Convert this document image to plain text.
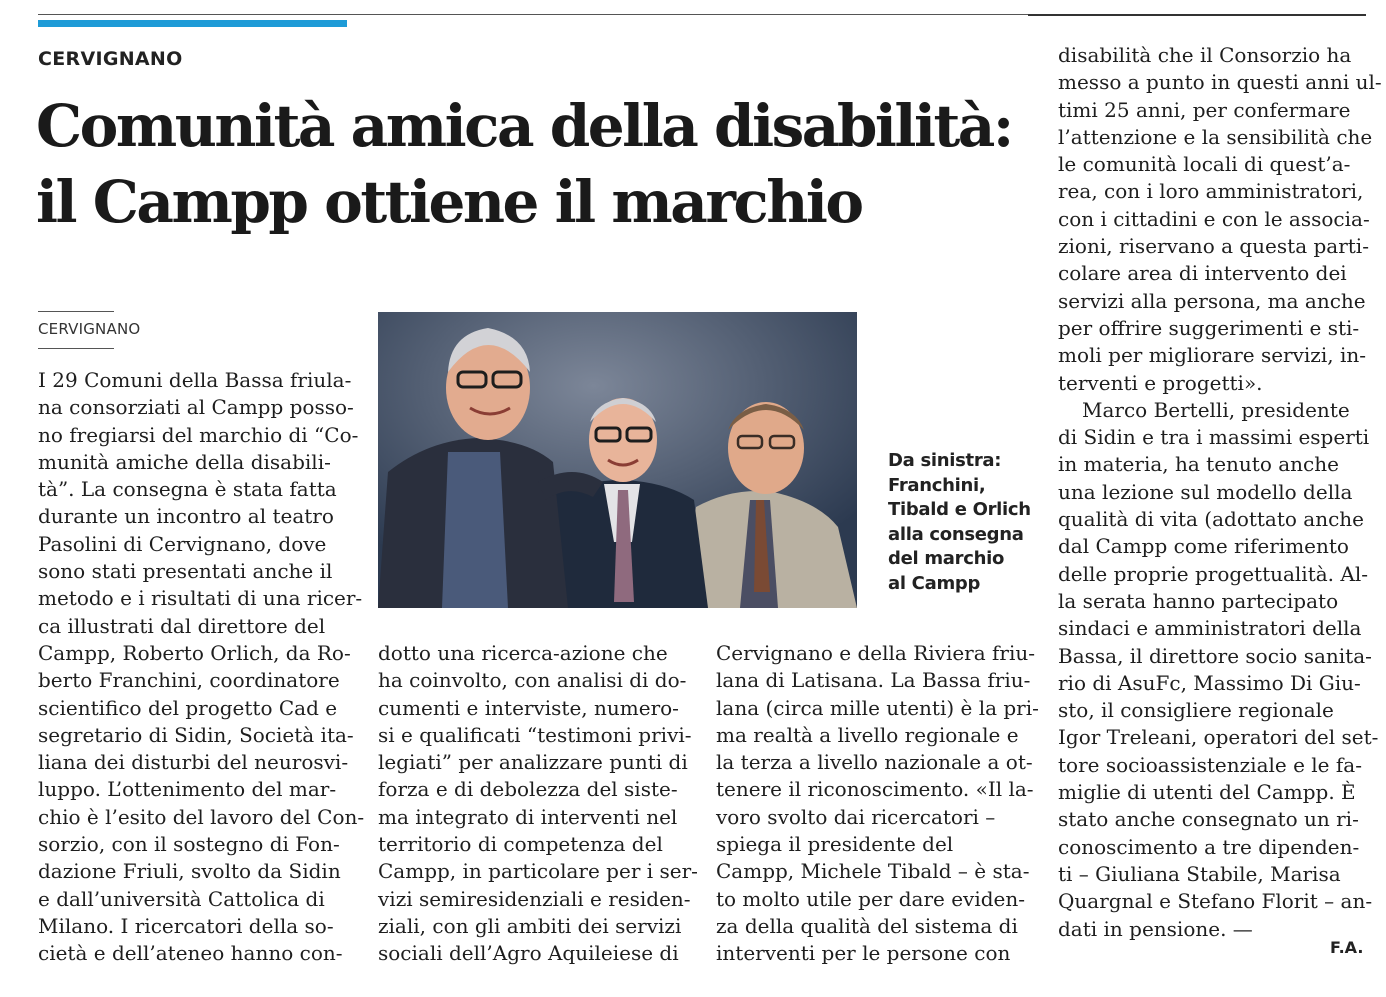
CERVIGNANO

Comunità amica della disabilità:
il Campp ottiene il marchio

CERVIGNANO

I 29 Comuni della Bassa friula-
na consorziati al Campp posso-
no fregiarsi del marchio di “Co-
munità amiche della disabili-
tà”. La consegna è stata fatta
durante un incontro al teatro
Pasolini di Cervignano, dove
sono stati presentati anche il
metodo e i risultati di una ricer-
ca illustrati dal direttore del
Campp, Roberto Orlich, da Ro-
berto Franchini, coordinatore
scientifico del progetto Cad e
segretario di Sidin, Società ita-
liana dei disturbi del neurosvi-
luppo. L’ottenimento del mar-
chio è l’esito del lavoro del Con-
sorzio, con il sostegno di Fon-
dazione Friuli, svolto da Sidin
e dall’università Cattolica di
Milano. I ricercatori della so-
cietà e dell’ateneo hanno con-
Da sinistra:
Franchini,
Tibald e Orlich
alla consegna
del marchio
al Campp
dotto una ricerca-azione che
ha coinvolto, con analisi di do-
cumenti e interviste, numero-
si e qualificati “testimoni privi-
legiati” per analizzare punti di
forza e di debolezza del siste-
ma integrato di interventi nel
territorio di competenza del
Campp, in particolare per i ser-
vizi semiresidenziali e residen-
ziali, con gli ambiti dei servizi
sociali dell’Agro Aquileiese di
Cervignano e della Riviera friu-
lana di Latisana. La Bassa friu-
lana (circa mille utenti) è la pri-
ma realtà a livello regionale e
la terza a livello nazionale a ot-
tenere il riconoscimento. «Il la-
voro svolto dai ricercatori –
spiega il presidente del
Campp, Michele Tibald – è sta-
to molto utile per dare eviden-
za della qualità del sistema di
interventi per le persone con
disabilità che il Consorzio ha
messo a punto in questi anni ul-
timi 25 anni, per confermare
l’attenzione e la sensibilità che
le comunità locali di quest’a-
rea, con i loro amministratori,
con i cittadini e con le associa-
zioni, riservano a questa parti-
colare area di intervento dei
servizi alla persona, ma anche
per offrire suggerimenti e sti-
moli per migliorare servizi, in-
terventi e progetti».
Marco Bertelli, presidente
di Sidin e tra i massimi esperti
in materia, ha tenuto anche
una lezione sul modello della
qualità di vita (adottato anche
dal Campp come riferimento
delle proprie progettualità. Al-
la serata hanno partecipato
sindaci e amministratori della
Bassa, il direttore socio sanita-
rio di AsuFc, Massimo Di Giu-
sto, il consigliere regionale
Igor Treleani, operatori del set-
tore socioassistenziale e le fa-
miglie di utenti del Campp. È
stato anche consegnato un ri-
conoscimento a tre dipenden-
ti – Giuliana Stabile, Marisa
Quargnal e Stefano Florit – an-
dati in pensione. —

F.A.
